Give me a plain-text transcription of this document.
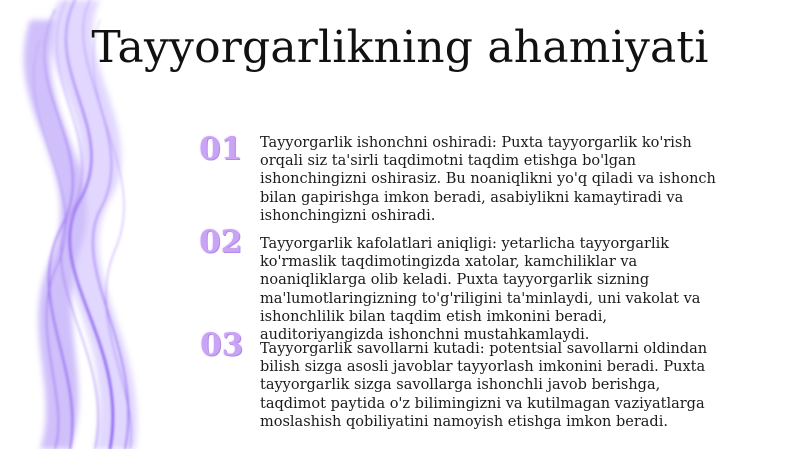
Tayyorgarlikning ahamiyati
01	Tayyorgarlik ishonchni oshiradi: Puxta tayyorgarlik ko'rish orqali siz ta'sirli taqdimotni taqdim etishga bo'lgan ishonchingizni oshirasiz. Bu noaniqlikni yo'q qiladi va ishonch bilan gapirishga imkon beradi, asabiylikni kamaytiradi va ishonchingizni oshiradi.
02	Tayyorgarlik kafolatlari aniqligi: yetarlicha tayyorgarlik ko'rmaslik taqdimotingizda xatolar, kamchiliklar va noaniqliklarga olib keladi. Puxta tayyorgarlik sizning ma'lumotlaringizning to'g'riligini ta'minlaydi, uni vakolat va ishonchlilik bilan taqdim etish imkonini beradi, auditoriyangizda ishonchni mustahkamlaydi.
03	Tayyorgarlik savollarni kutadi: potentsial savollarni oldindan bilish sizga asosli javoblar tayyorlash imkonini beradi. Puxta tayyorgarlik sizga savollarga ishonchli javob berishga, taqdimot paytida o'z bilimingizni va kutilmagan vaziyatlarga moslashish qobiliyatini namoyish etishga imkon beradi.
